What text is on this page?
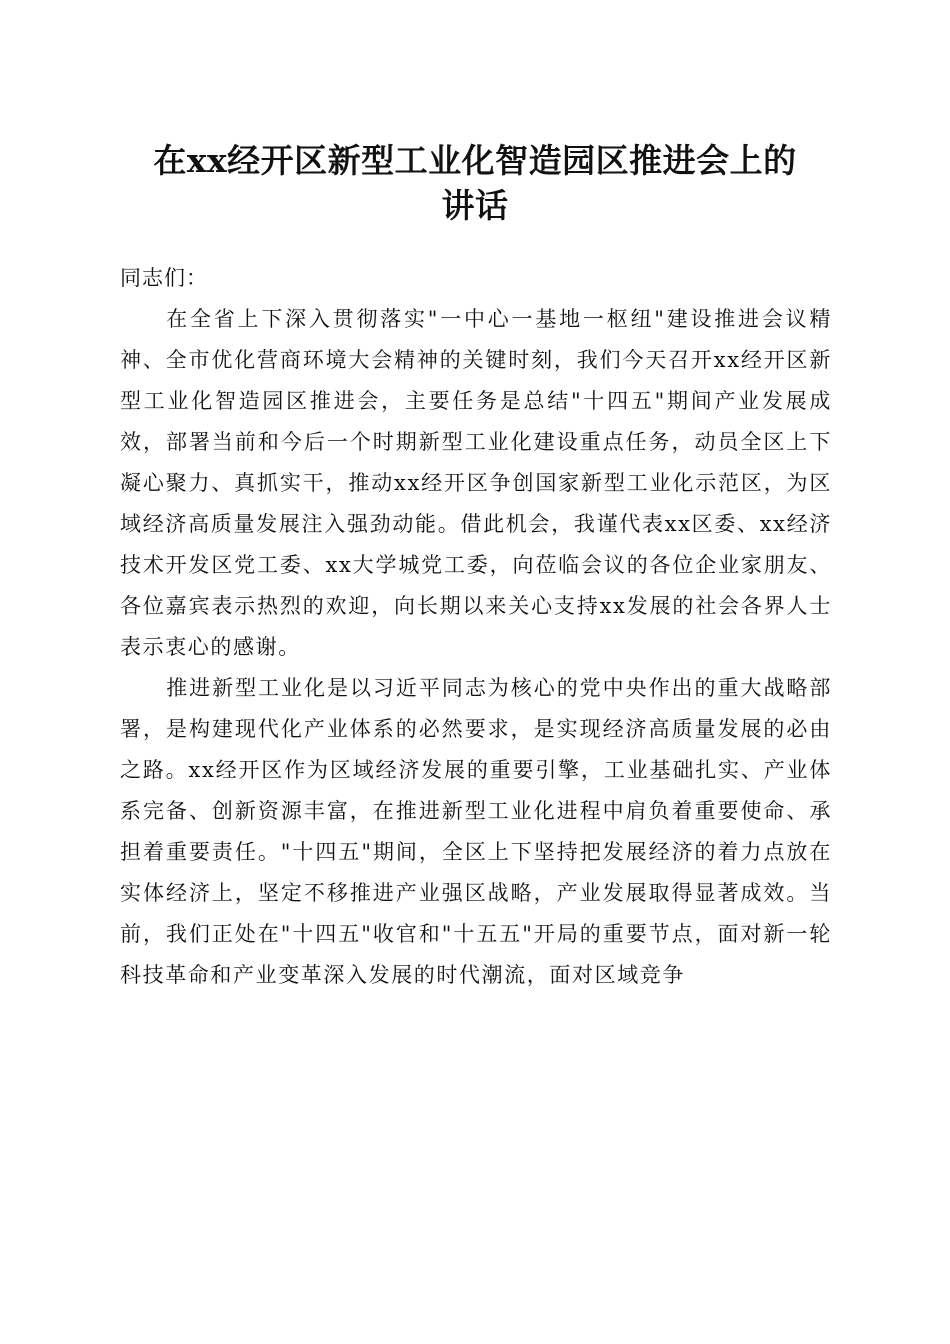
在xx经开区新型工业化智造园区推进会上的
讲话

同志们：

在全省上下深入贯彻落实"一中心一基地一枢纽"建设推进会议精神、全市优化营商环境大会精神的关键时刻，我们今天召开xx经开区新型工业化智造园区推进会，主要任务是总结"十四五"期间产业发展成效，部署当前和今后一个时期新型工业化建设重点任务，动员全区上下凝心聚力、真抓实干，推动xx经开区争创国家新型工业化示范区，为区域经济高质量发展注入强劲动能。借此机会，我谨代表xx区委、xx经济技术开发区党工委、xx大学城党工委，向莅临会议的各位企业家朋友、各位嘉宾表示热烈的欢迎，向长期以来关心支持xx发展的社会各界人士表示衷心的感谢。

推进新型工业化是以习近平同志为核心的党中央作出的重大战略部署，是构建现代化产业体系的必然要求，是实现经济高质量发展的必由之路。xx经开区作为区域经济发展的重要引擎，工业基础扎实、产业体系完备、创新资源丰富，在推进新型工业化进程中肩负着重要使命、承担着重要责任。"十四五"期间，全区上下坚持把发展经济的着力点放在实体经济上，坚定不移推进产业强区战略，产业发展取得显著成效。当前，我们正处在"十四五"收官和"十五五"开局的重要节点，面对新一轮科技革命和产业变革深入发展的时代潮流，面对区域竞争
